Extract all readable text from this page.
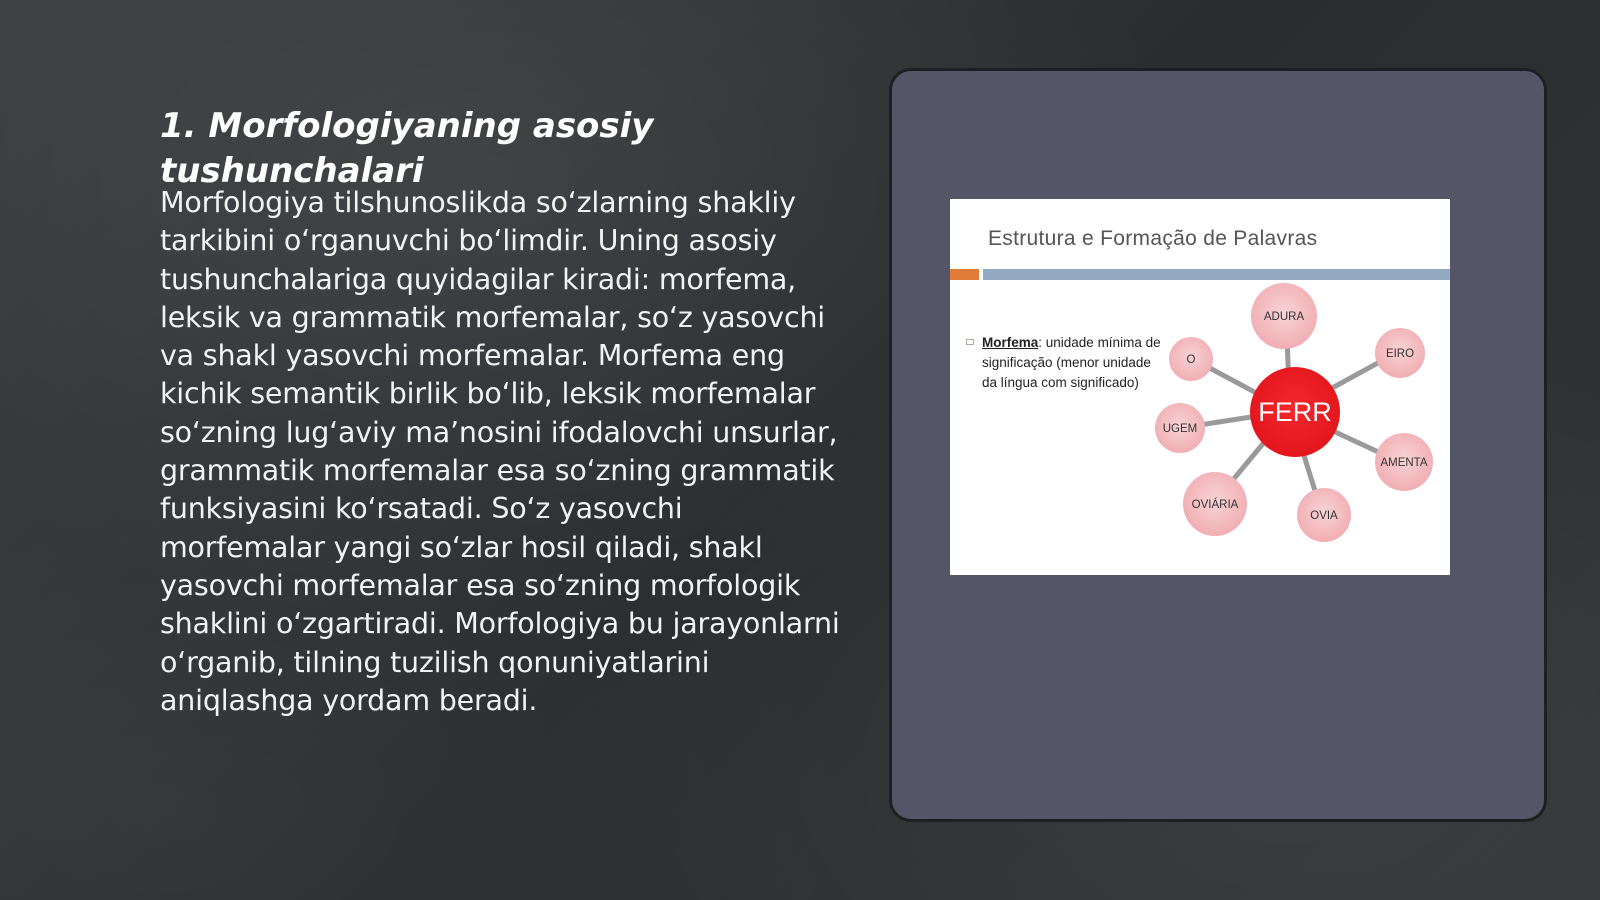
1. Morfologiyaning asosiy tushunchalari

Morfologiya tilshunoslikda so‘zlarning shakliy tarkibini o‘rganuvchi bo‘limdir. Uning asosiy tushunchalariga quyidagilar kiradi: morfema, leksik va grammatik morfemalar, so‘z yasovchi va shakl yasovchi morfemalar. Morfema eng kichik semantik birlik bo‘lib, leksik morfemalar so‘zning lug‘aviy ma’nosini ifodalovchi unsurlar, grammatik morfemalar esa so‘zning grammatik funksiyasini ko‘rsatadi. So‘z yasovchi morfemalar yangi so‘zlar hosil qiladi, shakl yasovchi morfemalar esa so‘zning morfologik shaklini o‘zgartiradi. Morfologiya bu jarayonlarni o‘rganib, tilning tuzilish qonuniyatlarini aniqlashga yordam beradi.

Estrutura e Formação de Palavras

Morfema: unidade mínima de significação (menor unidade da língua com significado)

ADURA
EIRO
AMENTA
OVIA
OVIÁRIA
UGEM
O
FERR
